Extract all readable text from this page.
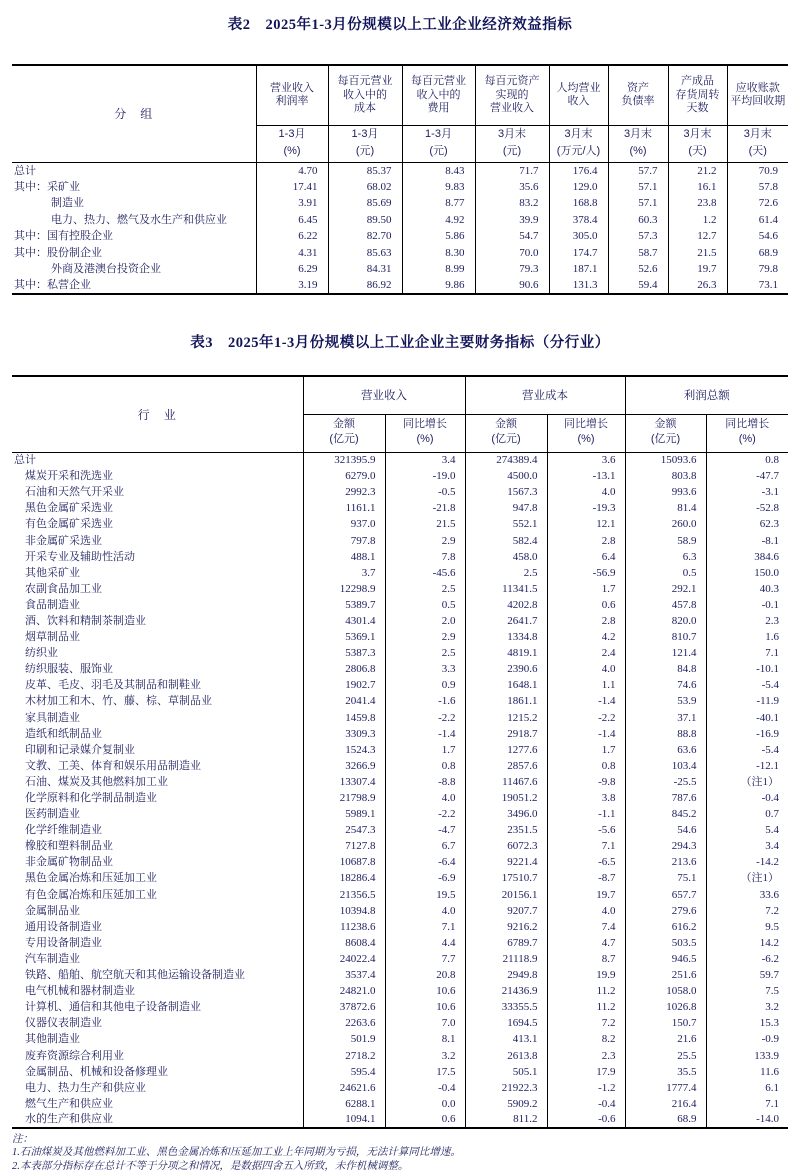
表2　2025年1-3月份规模以上工业企业经济效益指标
分　组	
营业收入
利润率

每百元营业
收入中的
成本

每百元营业
收入中的
费用

每百元资产
实现的
营业收入

人均营业
收入

资产
负债率

产成品
存货周转
天数

应收账款
平均回收期

1-3月
(%)

1-3月
(元)

1-3月
(元)

3月末
(元)

3月末
(万元/人)

3月末
(%)

3月末
(天)

3月末
(天)

总计	4.70	85.37	8.43	71.7	176.4	57.7	21.2	70.9
其中：采矿业	17.41	68.02	9.83	35.6	129.0	57.1	16.1	57.8
制造业	3.91	85.69	8.77	83.2	168.8	57.1	23.8	72.6
电力、热力、燃气及水生产和供应业	6.45	89.50	4.92	39.9	378.4	60.3	1.2	61.4
其中：国有控股企业	6.22	82.70	5.86	54.7	305.0	57.3	12.7	54.6
其中：股份制企业	4.31	85.63	8.30	70.0	174.7	58.7	21.5	68.9
外商及港澳台投资企业	6.29	84.31	8.99	79.3	187.1	52.6	19.7	79.8
其中：私营企业	3.19	86.92	9.86	90.6	131.3	59.4	26.3	73.1
表3　2025年1-3月份规模以上工业企业主要财务指标（分行业）
行　业	营业收入		营业成本		利润总额	

金额
(亿元)

同比增长
(%)

金额
(亿元)

同比增长
(%)

金额
(亿元)

同比增长
(%)

总计	321395.9	3.4	274389.4	3.6	15093.6	0.8
煤炭开采和洗选业	6279.0	-19.0	4500.0	-13.1	803.8	-47.7
石油和天然气开采业	2992.3	-0.5	1567.3	4.0	993.6	-3.1
黑色金属矿采选业	1161.1	-21.8	947.8	-19.3	81.4	-52.8
有色金属矿采选业	937.0	21.5	552.1	12.1	260.0	62.3
非金属矿采选业	797.8	2.9	582.4	2.8	58.9	-8.1
开采专业及辅助性活动	488.1	7.8	458.0	6.4	6.3	384.6
其他采矿业	3.7	-45.6	2.5	-56.9	0.5	150.0
农副食品加工业	12298.9	2.5	11341.5	1.7	292.1	40.3
食品制造业	5389.7	0.5	4202.8	0.6	457.8	-0.1
酒、饮料和精制茶制造业	4301.4	2.0	2641.7	2.8	820.0	2.3
烟草制品业	5369.1	2.9	1334.8	4.2	810.7	1.6
纺织业	5387.3	2.5	4819.1	2.4	121.4	7.1
纺织服装、服饰业	2806.8	3.3	2390.6	4.0	84.8	-10.1
皮革、毛皮、羽毛及其制品和制鞋业	1902.7	0.9	1648.1	1.1	74.6	-5.4
木材加工和木、竹、藤、棕、草制品业	2041.4	-1.6	1861.1	-1.4	53.9	-11.9
家具制造业	1459.8	-2.2	1215.2	-2.2	37.1	-40.1
造纸和纸制品业	3309.3	-1.4	2918.7	-1.4	88.8	-16.9
印刷和记录媒介复制业	1524.3	1.7	1277.6	1.7	63.6	-5.4
文教、工美、体育和娱乐用品制造业	3266.9	0.8	2857.6	0.8	103.4	-12.1
石油、煤炭及其他燃料加工业	13307.4	-8.8	11467.6	-9.8	-25.5	（注1）
化学原料和化学制品制造业	21798.9	4.0	19051.2	3.8	787.6	-0.4
医药制造业	5989.1	-2.2	3496.0	-1.1	845.2	0.7
化学纤维制造业	2547.3	-4.7	2351.5	-5.6	54.6	5.4
橡胶和塑料制品业	7127.8	6.7	6072.3	7.1	294.3	3.4
非金属矿物制品业	10687.8	-6.4	9221.4	-6.5	213.6	-14.2
黑色金属冶炼和压延加工业	18286.4	-6.9	17510.7	-8.7	75.1	（注1）
有色金属冶炼和压延加工业	21356.5	19.5	20156.1	19.7	657.7	33.6
金属制品业	10394.8	4.0	9207.7	4.0	279.6	7.2
通用设备制造业	11238.6	7.1	9216.2	7.4	616.2	9.5
专用设备制造业	8608.4	4.4	6789.7	4.7	503.5	14.2
汽车制造业	24022.4	7.7	21118.9	8.7	946.5	-6.2
铁路、船舶、航空航天和其他运输设备制造业	3537.4	20.8	2949.8	19.9	251.6	59.7
电气机械和器材制造业	24821.0	10.6	21436.9	11.2	1058.0	7.5
计算机、通信和其他电子设备制造业	37872.6	10.6	33355.5	11.2	1026.8	3.2
仪器仪表制造业	2263.6	7.0	1694.5	7.2	150.7	15.3
其他制造业	501.9	8.1	413.1	8.2	21.6	-0.9
废弃资源综合利用业	2718.2	3.2	2613.8	2.3	25.5	133.9
金属制品、机械和设备修理业	595.4	17.5	505.1	17.9	35.5	11.6
电力、热力生产和供应业	24621.6	-0.4	21922.3	-1.2	1777.4	6.1
燃气生产和供应业	6288.1	0.0	5909.2	-0.4	216.4	7.1
水的生产和供应业	1094.1	0.6	811.2	-0.6	68.9	-14.0
注：
1.石油煤炭及其他燃料加工业、黑色金属冶炼和压延加工业上年同期为亏损，无法计算同比增速。
2.本表部分指标存在总计不等于分项之和情况，是数据四舍五入所致，未作机械调整。
